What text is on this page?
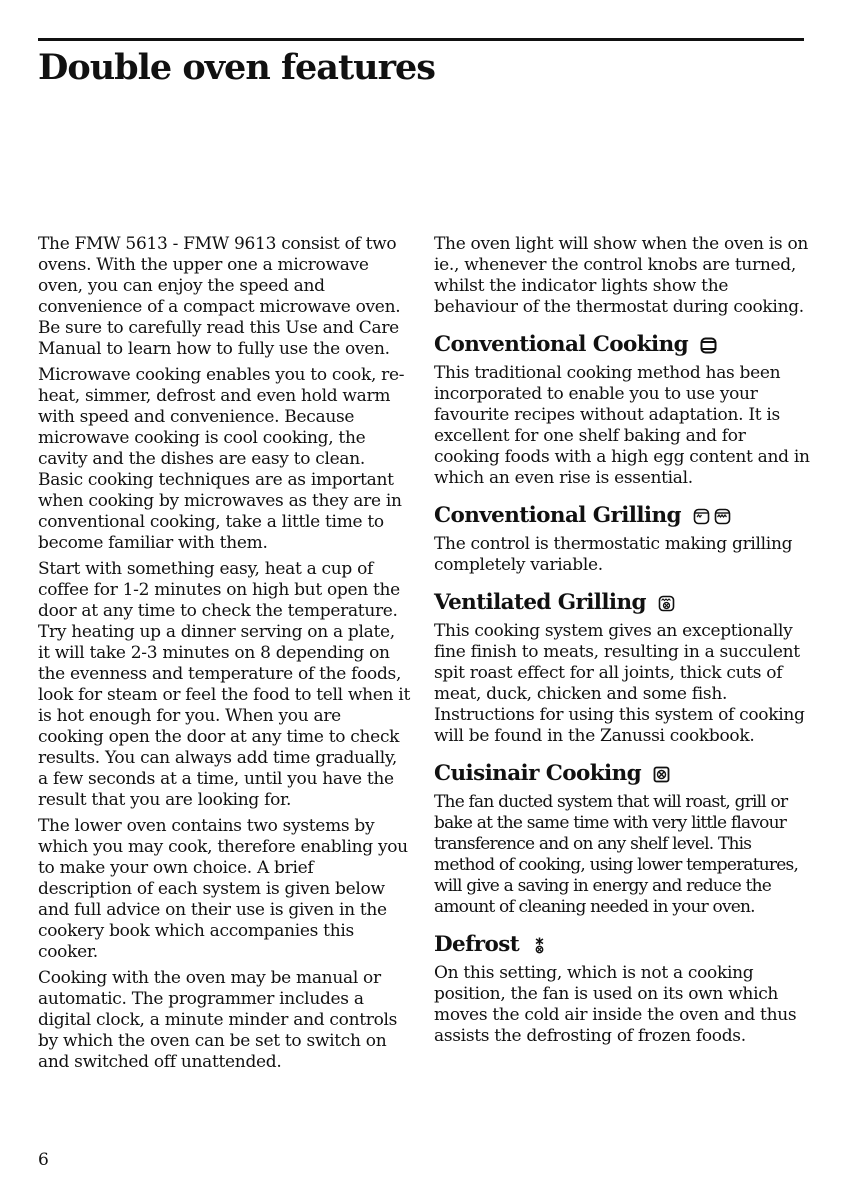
Double oven features

The FMW 5613 - FMW 9613 consist of two ovens. With the upper one a microwave oven, you can enjoy the speed and convenience of a compact microwave oven. Be sure to carefully read this Use and Care Manual to learn how to fully use the oven.

Microwave cooking enables you to cook, re-heat, simmer, defrost and even hold warm with speed and convenience. Because microwave cooking is cool cooking, the cavity and the dishes are easy to clean. Basic cooking techniques are as important when cooking by microwaves as they are in conventional cooking, take a little time to become familiar with them.

Start with something easy, heat a cup of coffee for 1-2 minutes on high but open the door at any time to check the temperature. Try heating up a dinner serving on a plate, it will take 2-3 minutes on 8 depending on the evenness and temperature of the foods, look for steam or feel the food to tell when it is hot enough for you. When you are cooking open the door at any time to check results. You can always add time gradually, a few seconds at a time, until you have the result that you are looking for.

The lower oven contains two systems by which you may cook, therefore enabling you to make your own choice. A brief description of each system is given below and full advice on their use is given in the cookery book which accompanies this cooker.

Cooking with the oven may be manual or automatic. The programmer includes a digital clock, a minute minder and controls by which the oven can be set to switch on and switched off unattended.

The oven light will show when the oven is on ie., whenever the control knobs are turned, whilst the indicator lights show the behaviour of the thermostat during cooking.

Conventional Cooking

This traditional cooking method has been incorporated to enable you to use your favourite recipes without adaptation. It is excellent for one shelf baking and for cooking foods with a high egg content and in which an even rise is essential.

Conventional Grilling

The control is thermostatic making grilling completely variable.

Ventilated Grilling

This cooking system gives an exceptionally fine finish to meats, resulting in a succulent spit roast effect for all joints, thick cuts of meat, duck, chicken and some fish. Instructions for using this system of cooking will be found in the Zanussi cookbook.

Cuisinair Cooking

The fan ducted system that will roast, grill or bake at the same time with very little flavour transference and on any shelf level. This method of cooking, using lower temperatures, will give a saving in energy and reduce the amount of cleaning needed in your oven.

Defrost

On this setting, which is not a cooking position, the fan is used on its own which moves the cold air inside the oven and thus assists the defrosting of frozen foods.

6
